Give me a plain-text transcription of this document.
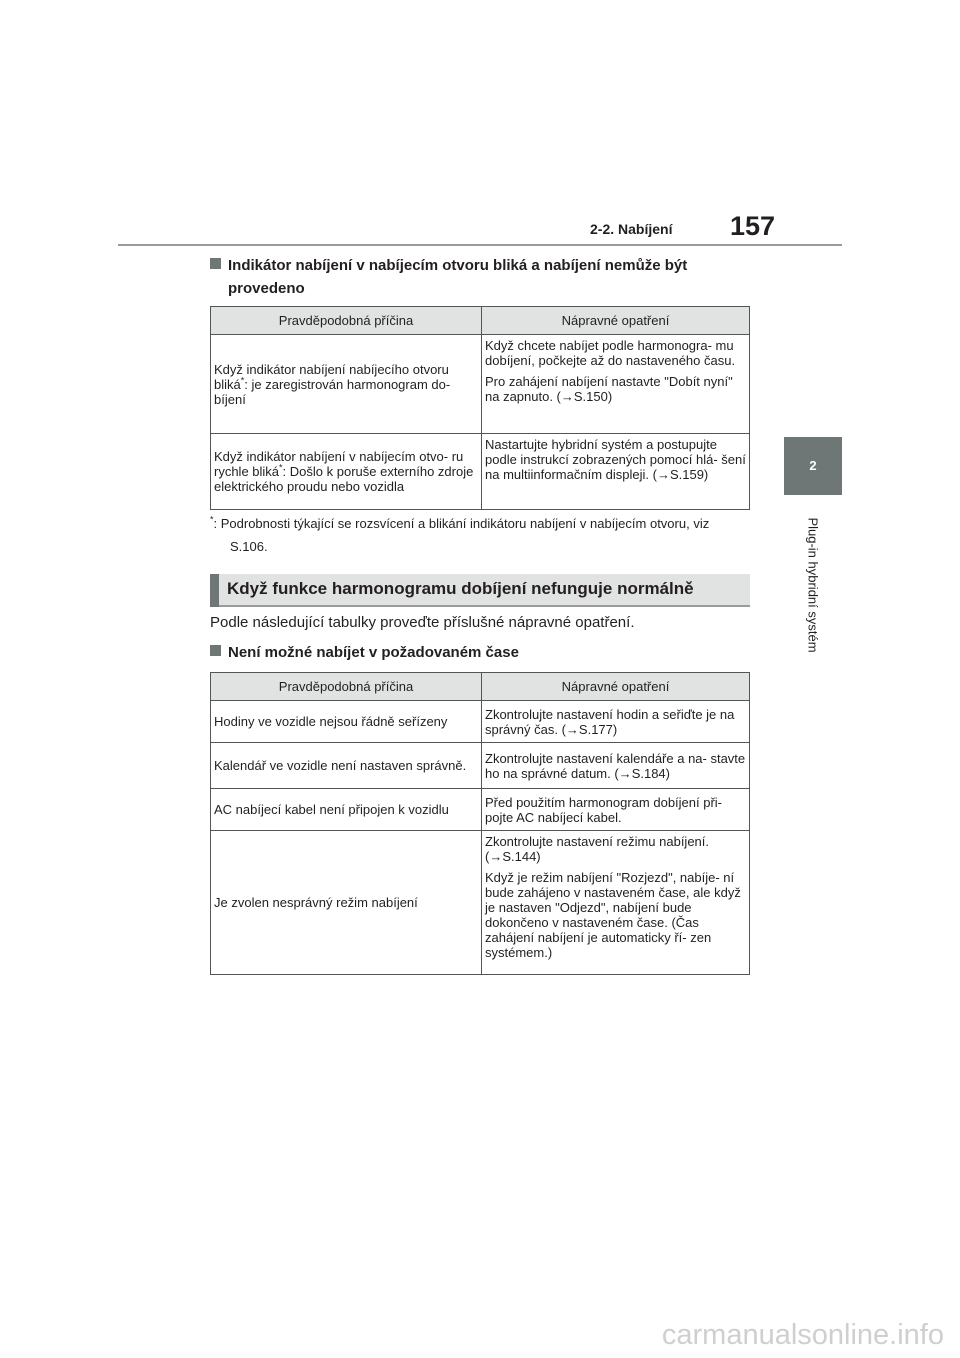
2-2. Nabíjení 157
2
Plug-in hybridní systém
Indikátor nabíjení v nabíjecím otvoru bliká a nabíjení nemůže být provedeno
Pravděpodobná příčina	Nápravné opatření
Když indikátor nabíjení nabíjecího otvoru bliká*: je zaregistrován harmonogram do- bíjení	Když chcete nabíjet podle harmonogra- mu dobíjení, počkejte až do nastaveného času.

Pro zahájení nabíjení nastavte "Dobít nyní" na zapnuto. (→S.150)

Když indikátor nabíjení v nabíjecím otvo- ru rychle bliká*: Došlo k poruše externího zdroje elektrického proudu nebo vozidla	Nastartujte hybridní systém a postupujte podle instrukcí zobrazených pomocí hlá- šení na multiinformačním displeji. (→S.159)

*: Podrobnosti týkající se rozsvícení a blikání indikátoru nabíjení v nabíjecím otvoru, viz S.106.
Když funkce harmonogramu dobíjení nefunguje normálně
Podle následující tabulky proveďte příslušné nápravné opatření.
Není možné nabíjet v požadovaném čase
Pravděpodobná příčina	Nápravné opatření
Hodiny ve vozidle nejsou řádně seřízeny	Zkontrolujte nastavení hodin a seřiďte je na správný čas. (→S.177)
Kalendář ve vozidle není nastaven správně.	Zkontrolujte nastavení kalendáře a na- stavte ho na správné datum. (→S.184)
AC nabíjecí kabel není připojen k vozidlu	Před použitím harmonogram dobíjení při- pojte AC nabíjecí kabel.
Je zvolen nesprávný režim nabíjení	Zkontrolujte nastavení režimu nabíjení. (→S.144)

Když je režim nabíjení "Rozjezd", nabíje- ní bude zahájeno v nastaveném čase, ale když je nastaven "Odjezd", nabíjení bude dokončeno v nastaveném čase. (Čas zahájení nabíjení je automaticky ří- zen systémem.)

carmanualsonline.info
